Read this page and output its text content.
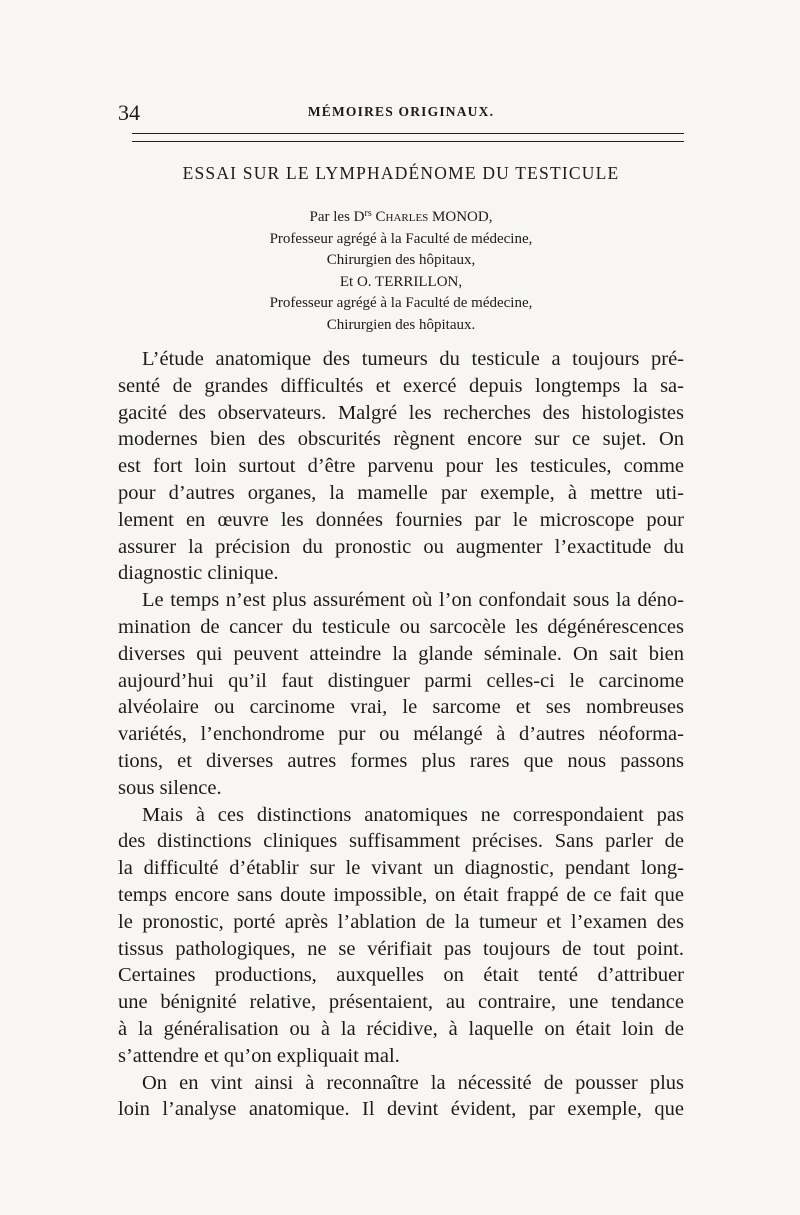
34	MÉMOIRES ORIGINAUX.
ESSAI SUR LE LYMPHADÉNOME DU TESTICULE
Par les $D^{rs}$ Charles MONOD,
Professeur agrégé à la Faculté de médecine,
Chirurgien des hôpitaux,
Et O. TERRILLON,
Professeur agrégé à la Faculté de médecine,
Chirurgien des hôpitaux.
L’étude anatomique des tumeurs du testicule a toujours pré-
senté de grandes difficultés et exercé depuis longtemps la sa-
gacité des observateurs. Malgré les recherches des histologistes
modernes bien des obscurités règnent encore sur ce sujet. On
est fort loin surtout d’être parvenu pour les testicules, comme
pour d’autres organes, la mamelle par exemple, à mettre uti-
lement en œuvre les données fournies par le microscope pour
assurer la précision du pronostic ou augmenter l’exactitude du
diagnostic clinique.
Le temps n’est plus assurément où l’on confondait sous la déno-
mination de cancer du testicule ou sarcocèle les dégénérescences
diverses qui peuvent atteindre la glande séminale. On sait bien
aujourd’hui qu’il faut distinguer parmi celles-ci le carcinome
alvéolaire ou carcinome vrai, le sarcome et ses nombreuses
variétés, l’enchondrome pur ou mélangé à d’autres néoforma-
tions, et diverses autres formes plus rares que nous passons
sous silence.
Mais à ces distinctions anatomiques ne correspondaient pas
des distinctions cliniques suffisamment précises. Sans parler de
la difficulté d’établir sur le vivant un diagnostic, pendant long-
temps encore sans doute impossible, on était frappé de ce fait que
le pronostic, porté après l’ablation de la tumeur et l’examen des
tissus pathologiques, ne se vérifiait pas toujours de tout point.
Certaines productions, auxquelles on était tenté d’attribuer
une bénignité relative, présentaient, au contraire, une tendance
à la généralisation ou à la récidive, à laquelle on était loin de
s’attendre et qu’on expliquait mal.
On en vint ainsi à reconnaître la nécessité de pousser plus
loin l’analyse anatomique. Il devint évident, par exemple, que
